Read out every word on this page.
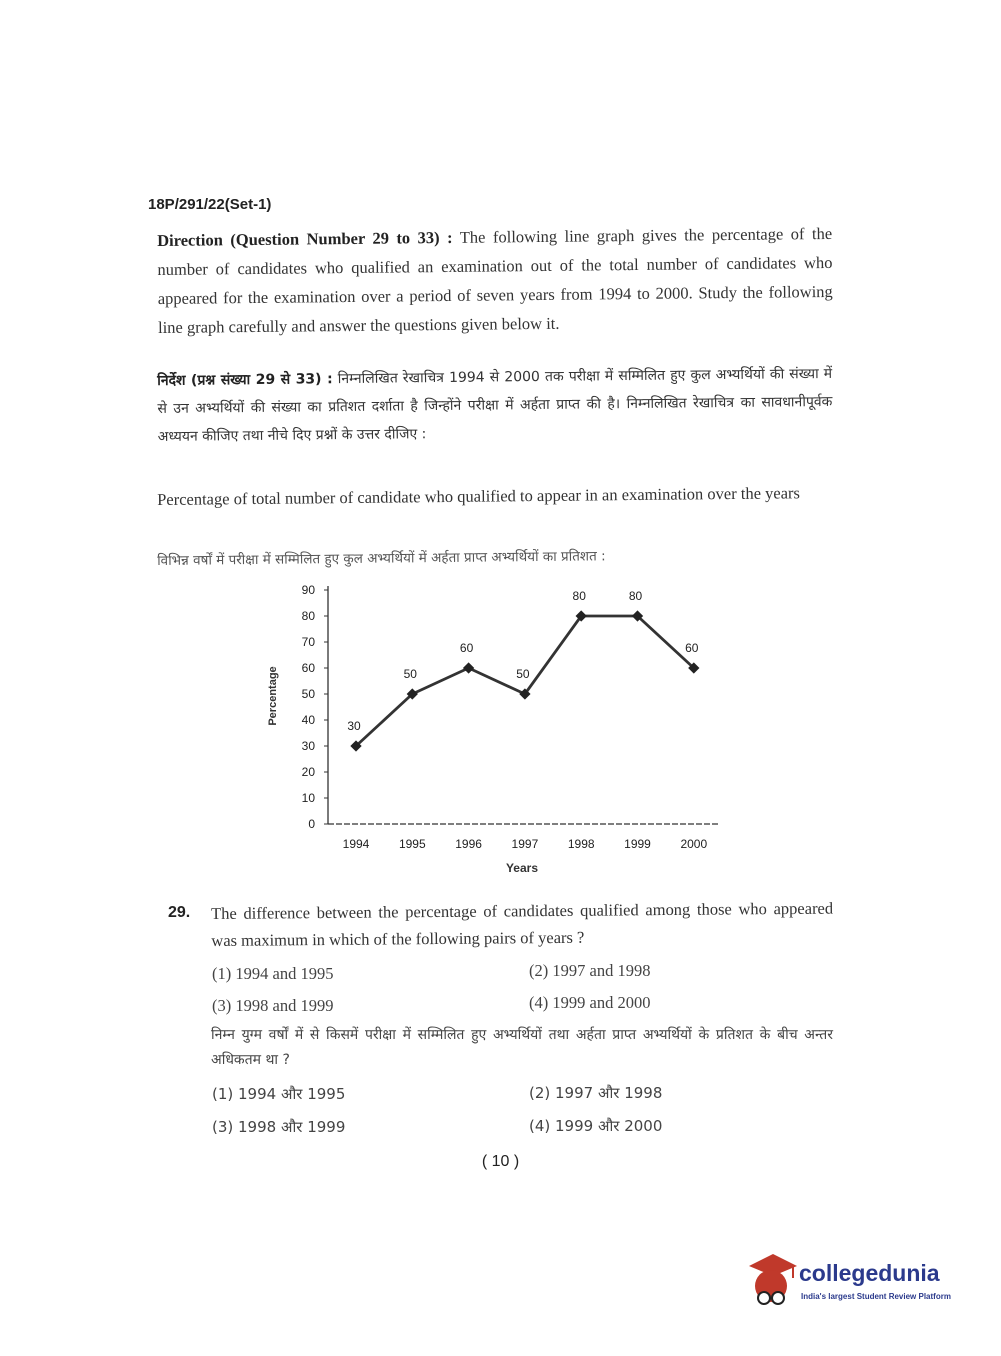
18P/291/22(Set-1)
Direction (Question Number 29 to 33) : The following line graph gives the percentage of the number of candidates who qualified an examination out of the total number of candidates who appeared for the examination over a period of seven years from 1994 to 2000. Study the following line graph carefully and answer the questions given below it.
निर्देश (प्रश्न संख्या 29 से 33) : निम्नलिखित रेखाचित्र 1994 से 2000 तक परीक्षा में सम्मिलित हुए कुल अभ्यर्थियों की संख्या में से उन अभ्यर्थियों की संख्या का प्रतिशत दर्शाता है जिन्होंने परीक्षा में अर्हता प्राप्त की है। निम्नलिखित रेखाचित्र का सावधानीपूर्वक अध्ययन कीजिए तथा नीचे दिए प्रश्नों के उत्तर दीजिए :
Percentage of total number of candidate who qualified to appear in an examination over the years
विभिन्न वर्षों में परीक्षा में सम्मिलित हुए कुल अभ्यर्थियों में अर्हता प्राप्त अभ्यर्थियों का प्रतिशत :
0
10
20
30
40
50
60
70
80
90
1994 1995 1996 1997 1998 1999 2000
Years
Percentage
30
50
60
50
80	80
60
29. The difference between the percentage of candidates qualified among those who appeared was maximum in which of the following pairs of years ?
(1) 1994 and 1995	(2) 1997 and 1998
(3) 1998 and 1999	(4) 1999 and 2000
निम्न युग्म वर्षों में से किसमें परीक्षा में सम्मिलित हुए अभ्यर्थियों तथा अर्हता प्राप्त अभ्यर्थियों के प्रतिशत के बीच अन्तर अधिकतम था ?
(1) 1994 और 1995	(2) 1997 और 1998
(3) 1998 और 1999	(4) 1999 और 2000
( 10 )
collegedunia
India's largest Student Review Platform
